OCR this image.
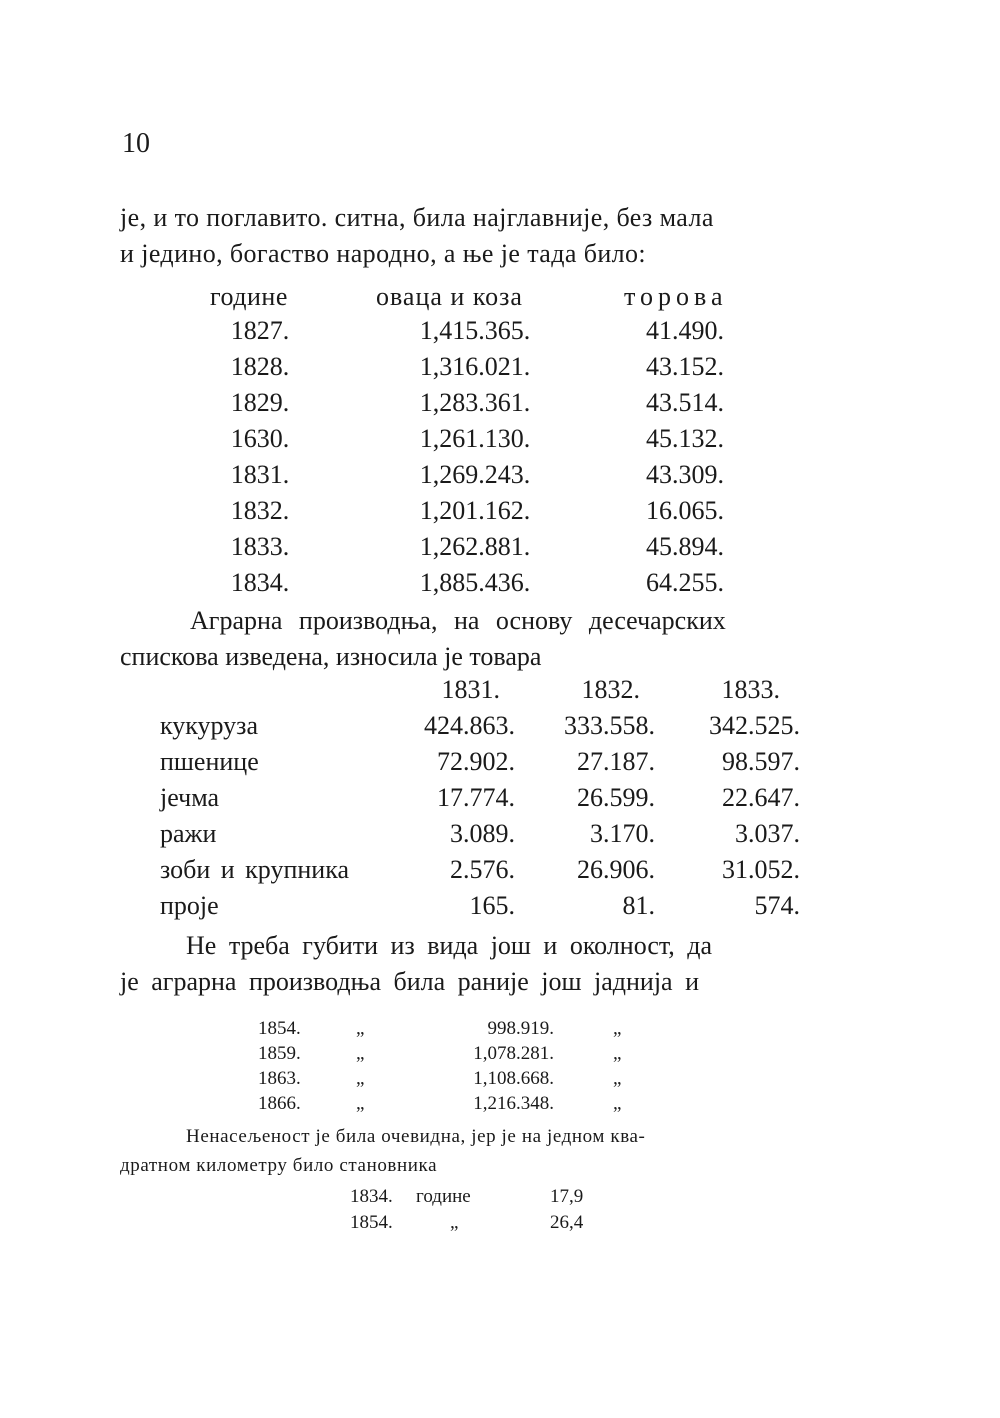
10
је, и то поглавито. ситна, била најглавније, без мала
и једино, богаство народно, а ње је тада било:
године	оваца и коза	торова
1827.	1,415.365.	41.490.
1828.	1,316.021.	43.152.
1829.	1,283.361.	43.514.
1630.	1,261.130.	45.132.
1831.	1,269.243.	43.309.
1832.	1,201.162.	16.065.
1833.	1,262.881.	45.894.
1834.	1,885.436.	64.255.
Аграрна производња, на основу десечарских
спискова изведена, износила је товара
1831.	1832.	1833.
кукуруза	424.863. 333.558. 342.525.
пшенице	72.902. 27.187.	98.597.
јечма	17.774. 26.599.	22.647.
ражи	3.089.	3.170.	3.037.
зоби и крупника	2.576. 26.906.	31.052.
проје	165.	81.	574.
Не треба губити из вида још и околност, да
је аграрна производња била раније још јаднија и
1854.	„	998.919.	„
1859.	„	1,078.281.	„
1863.	„	1,108.668.	„
1866.	„	1,216.348.	„
Ненасељеност је била очевидна, јер је на једном ква-
дратном километру било становника
1834. године	17,9
1854.	„	26,4
